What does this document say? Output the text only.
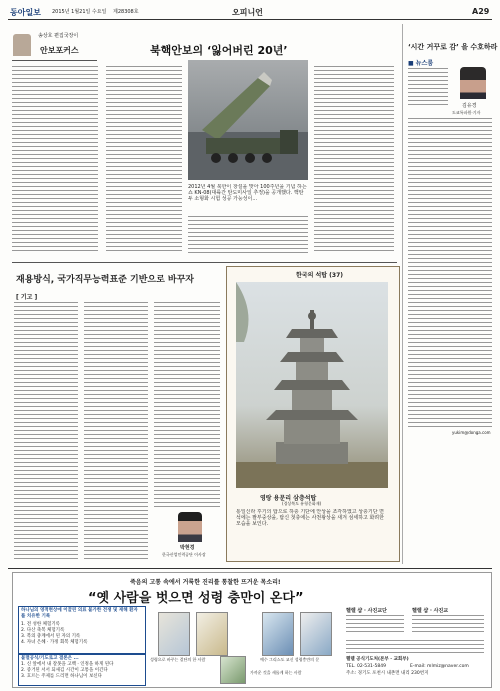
동아일보 2015년 1월21일 수요일 제28308호	오피니언	A29
송상호 편집국장이
안보포커스	북핵안보의 ‘잃어버린 20년’
2012년 4월 북한이 창설을 맞아 100주년을 기념 하는 쇼 KN-08(대륙간 탄도미사일 추정)을 공개했다. 핵탄두 소형화 시험 성공 가능성이...
‘시간 거꾸로 감’ 을 수호하라
■ 뉴스룸
김유경
도쿄특파원·기자
yukim@donga.com
재용방식, 국가직무능력표준 기반으로 바꾸자
[ 기고 ]
박현경
한국산업인력공단 이사장
한국의 석탑 (37)
영랑 용문리 삼층석탑
(경상북도 유형문화재)
통일신라 후기의 탑으로 하층 기단에 안상을 조각하였고 상층기단 면석에는 팔부중상을, 탑신 첫층에는 사천왕상을 새겨 섬세하고 화려한 모습을 보인다.
죽음의 고통 속에서 거룩한 진리를 통찰한 뜨거운 목소리!
“옛 사람을 벗으면 성령 충만이 온다”
하나님의 영적현상에 이끌린 의료 불가한 전쟁 및 재해 환자를 치유한 기록
1. 전 성한 체험기록
2. 다산 축복 체험기록
3. 복의 충계에서 된 자의 기록
4. 자녀 은혜 · 가정 회복 체험기록
불멸공식/기도로고 결론은 ...
1. 신 앞에서 내 잘못을 고백 · 인정을 하게 된다
2. 증거된 서서 되새김 시간이 고통을 이긴다
3. 흐르는 주제를 드리면 하나님이 보신다
성령으로 바꾸는 결단의 한 사람	예수 그리스도 교신 성령충만의 문
가까운 것을 새롭게 하는 사람
헬렐 샵 · 사진교단	헬렐 샵 · 사진교
헬렐 공식기도처(본부 · 교회부)
TEL. 02-531-5849	E-mail: mlmiz@naver.com
주소: 경기도 포천시 내촌면 내리 230번지
